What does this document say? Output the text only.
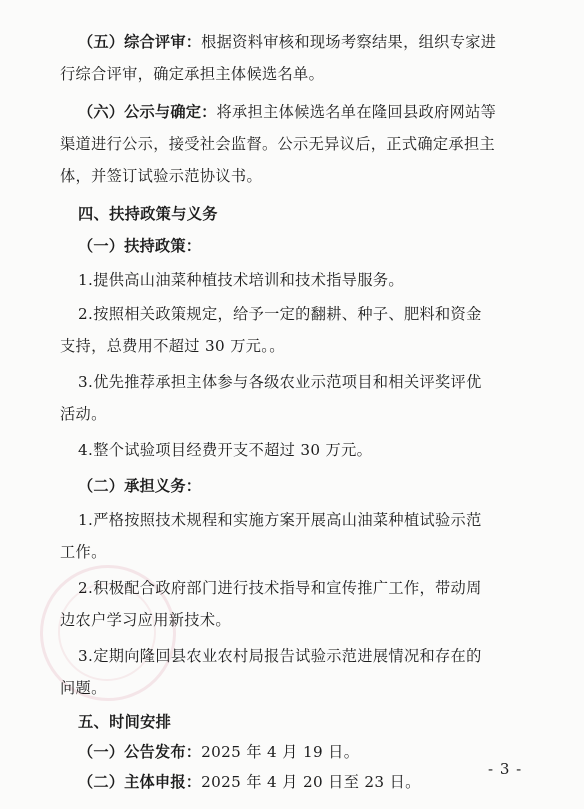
（五）综合评审：根据资料审核和现场考察结果，组织专家进
行综合评审，确定承担主体候选名单。
（六）公示与确定：将承担主体候选名单在隆回县政府网站等
渠道进行公示，接受社会监督。公示无异议后，正式确定承担主
体，并签订试验示范协议书。
四、扶持政策与义务
（一）扶持政策：
1.提供高山油菜种植技术培训和技术指导服务。
2.按照相关政策规定，给予一定的翻耕、种子、肥料和资金
支持，总费用不超过 30 万元。。
3.优先推荐承担主体参与各级农业示范项目和相关评奖评优
活动。
4.整个试验项目经费开支不超过 30 万元。
（二）承担义务：
1.严格按照技术规程和实施方案开展高山油菜种植试验示范
工作。
2.积极配合政府部门进行技术指导和宣传推广工作，带动周
边农户学习应用新技术。
3.定期向隆回县农业农村局报告试验示范进展情况和存在的
问题。
五、时间安排
（一）公告发布：2025 年 4 月 19 日。
（二）主体申报：2025 年 4 月 20 日至 23 日。
- 3 -
